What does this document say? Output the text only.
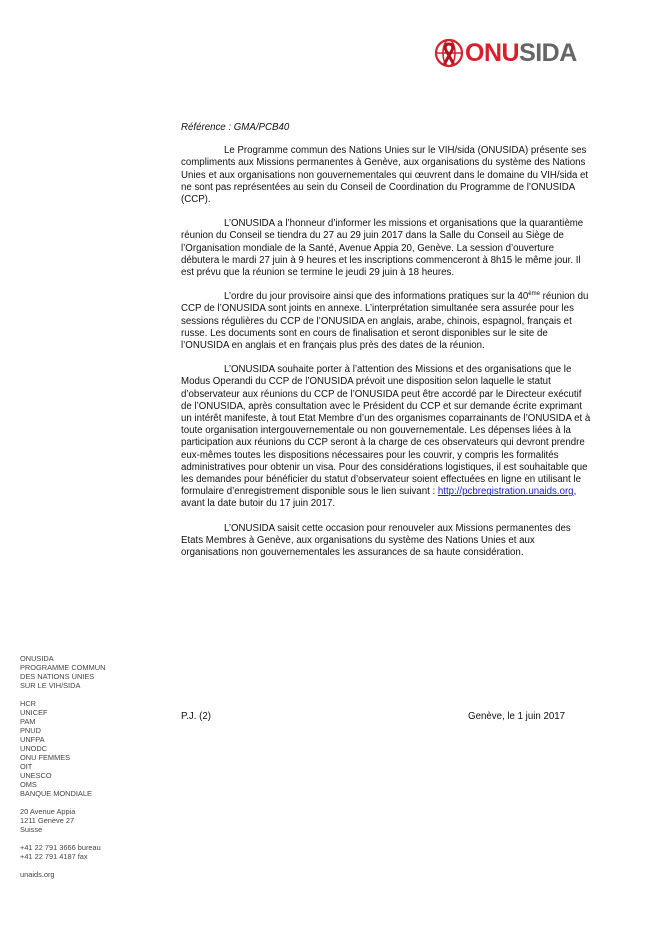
ONUSIDA

Référence : GMA/PCB40

Le Programme commun des Nations Unies sur le VIH/sida (ONUSIDA) présente ses compliments aux Missions permanentes à Genève, aux organisations du système des Nations Unies et aux organisations non gouvernementales qui œuvrent dans le domaine du VIH/sida et ne sont pas représentées au sein du Conseil de Coordination du Programme de l’ONUSIDA (CCP).

L’ONUSIDA a l’honneur d’informer les missions et organisations que la quarantième réunion du Conseil se tiendra du 27 au 29 juin 2017 dans la Salle du Conseil au Siège de l’Organisation mondiale de la Santé, Avenue Appia 20, Genève. La session d’ouverture débutera le mardi 27 juin à 9 heures et les inscriptions commenceront à 8h15 le même jour. Il est prévu que la réunion se termine le jeudi 29 juin à 18 heures.

L’ordre du jour provisoire ainsi que des informations pratiques sur la 40ème réunion du CCP de l’ONUSIDA sont joints en annexe. L’interprétation simultanée sera assurée pour les sessions régulières du CCP de l’ONUSIDA en anglais, arabe, chinois, espagnol, français et russe. Les documents sont en cours de finalisation et seront disponibles sur le site de l’ONUSIDA en anglais et en français plus près des dates de la réunion.

L’ONUSIDA souhaite porter à l’attention des Missions et des organisations que le Modus Operandi du CCP de l’ONUSIDA prévoit une disposition selon laquelle le statut d’observateur aux réunions du CCP de l’ONUSIDA peut être accordé par le Directeur exécutif de l’ONUSIDA, après consultation avec le Président du CCP et sur demande écrite exprimant un intérêt manifeste, à tout Etat Membre d’un des organismes coparrainants de l’ONUSIDA et à toute organisation intergouvernementale ou non gouvernementale. Les dépenses liées à la participation aux réunions du CCP seront à la charge de ces observateurs qui devront prendre eux-mêmes toutes les dispositions nécessaires pour les couvrir, y compris les formalités administratives pour obtenir un visa. Pour des considérations logistiques, il est souhaitable que les demandes pour bénéficier du statut d’observateur soient effectuées en ligne en utilisant le formulaire d’enregistrement disponible sous le lien suivant : http://pcbregistration.unaids.org, avant la date butoir du 17 juin 2017.

L’ONUSIDA saisit cette occasion pour renouveler aux Missions permanentes des Etats Membres à Genève, aux organisations du système des Nations Unies et aux organisations non gouvernementales les assurances de sa haute considération.

P.J. (2)	Genève, le 1 juin 2017
ONUSIDA
PROGRAMME COMMUN
DES NATIONS UNIES
SUR LE VIH/SIDA
HCR
UNICEF
PAM
PNUD
UNFPA
UNODC
ONU FEMMES
OIT
UNESCO
OMS
BANQUE MONDIALE
20 Avenue Appia
1211 Genève 27
Suisse
+41 22 791 3666 bureau
+41 22 791 4187 fax
unaids.org
